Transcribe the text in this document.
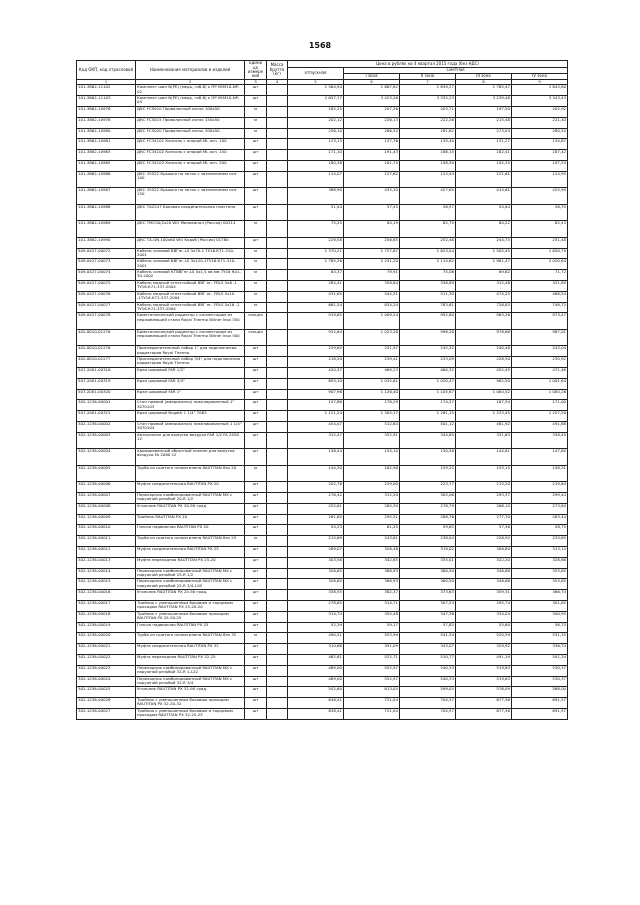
1568
Код ОКП, код отраслевой	Наименование материалов и изделий	Едини ца измере ния	Масса брутто (кг)	Цена в рублях на 4 квартал 2015 года (без НДС)				
				отпускная	Сметная			
					I зона	II зона	III зона	IV зона
1	2	3	4	5	6	7	8	9
101-3862-11102	Комплект шин N(PE) (медь, габ.8) к ПР УКМ10-NP-02	шт		1 564,94	1 667,82	1 839,27	1 765,47	1 843,80
101-3862-11103	Комплект шин N(PE) (медь, габ.8) к ПР УКМ10-NP-04	шт		2 657,77	3 423,26	3 335,23	3 239,48	3 343,43
101-3862-10976	ДКС FC5010 Проволочный лоток 100х50	м		185,25	207,26	203,71	197,50	202,92
101-3862-10978	ДКС FC5015 Проволочный лоток 150х50	м		202,12	226,13	222,26	215,48	221,40
101-3862-10980	ДКС FC5020 Проволочный лоток 200х50	м		256,10	286,52	281,62	273,03	280,52
101-3862-10981	ДКС FC34101 Консоль с опорой ML осн. 100	шт		123,13	137,76	135,40	131,27	134,87
101-3862-10983	ДКС FC34102 Консоль с опорой ML осн. 150	шт		171,10	191,43	188,15	182,41	187,42
101-3862-10985	ДКС FC34103 Консоль с опорой ML осн. 200	шт		180,38	201,75	198,30	192,25	197,53
101-3862-10986	ДКС 35522 Крышка на лоток с заземлением осн. 100	шт		114,07	127,62	125,44	121,61	124,95
101-3862-10987	ДКС 35522 Крышка на лоток с заземлением осн. 150	шт		388,90	435,10	427,65	414,61	425,99
101-3862-10988	ДКС ТА2247 Боковая соединительная пластина	шт		51,44	57,55	56,57	54,84	56,35
101-3862-10989	ДКС ТМС50/2х20 WO Миниканал (Россия) 00314	м		75,25	84,19	82,75	80,22	82,43
101-3862-10990	ДКС ТА-GN 100х60 WO Короб (Россия) 01780	шт		229,58	256,85	252,46	244,75	251,48
509-0427-00072	Кабель силовой ВВГнг-LS 3х70-1 ТУ16.К71-310-2001	м		1 370,21	1 727,87	1 623,04	1 505,45	1 650,79
509-0427-00073	Кабель силовой ВВГнг-LS 3х120-1ТУ16.К71-310-2001	м		1 785,26	2 251,20	2 114,62	1 961,47	2 020,64
509-0427-00074	Кабель силовой КГВВГнг-LS 5х1,5 яв.мм ТУ16 К01-30-2002	м		63,37	79,91	75,06	69,62	71,72
509-0427-00075	Кабель медный огнестойкий ВВГ нг- FRLS 5х6 -1 ТУ16.К71-337-2004	м		284,41	358,64	336,89	312,48	321,89
509-0427-00076	Кабель медный огнестойкий ВВГ нг- FRLS 5х10 -1ТУ16.К71-337-2004	м		431,65	544,31	511,30	474,25	488,54
509-0427-00077	Кабель медный огнестойкий ВВГ нг- FRLS 5х16 -1 ТУ16.К71-337-2004	м		661,54	834,20	783,61	726,83	748,72
509-0427-00078	Биметаллический радиатор с коллектором из нержавеющей стали Royal Thermo Biliner Inox 350	секция		919,65	1 009,24	992,60	963,26	973,47
402-8010-01276	Биметаллический радиатор с коллектором из нержавеющей стали Royal Thermo Biliner Inox 500	секция		932,64	1 023,28	996,28	978,66	987,01
402-8010-01276	Присоединительный набор 1" для подключения радиаторов Royal Thermo	шт		229,65	251,97	245,32	240,48	243,04
402-8010-01277	Присоединительный набор 3/4" для подключения радиаторов Royal Thermo	шт		218,20	239,41	233,09	228,50	230,92
507-2001-00316	Кран шаровый FAR 1/2"	шт		420,37	469,23	460,32	452,45	471,46
507-2001-00319	Кран шаровый FAR 3/4"	шт		893,10	1 032,61	1 020,47	962,50	1 001,64
507-2001-00320	Кран шаровый FAR 1"	шт		907,96	1 126,40	1 105,87	1 064,52	1 085,26
302-1236-00001	Стон прямой (американка) никелированный 1" 3070103	шт		157,86	178,29	174,27	167,54	171,00
507-2001-00321	Кран шаровый Bugatti 1 1/4" 7063	шт		1 121,24	1 305,17	1 281,15	1 233,45	1 257,50
302-1236-00002	Стон прямой (американка) никелированный 1 1/4" 3070104	шт		454,07	512,84	501,12	481,92	491,88
302-1236-00003	Автоклапан для выпуска воздуха FAR 1/2 FA 2050 12	шт		312,47	352,91	344,85	331,63	338,49
302-1236-00004	Хромированный обратный клапан для выпуска воздуха FA 2080 12	шт		136,44	154,10	150,58	144,81	147,80
302-1236-00005	Труба из сшитого полиэтилена RAUTITAN flex 20	м		144,30	162,98	159,25	153,15	156,31
302-1236-00006	Муфта соединительная RAUTITAN PX 20	шт		202,76	229,00	223,77	215,20	219,64
302-1236-00007	Переходник комбинированный RAUTITAN МХ с наружной резьбой 20-R 1/2	шт		276,42	312,20	305,06	293,37	299,44
302-1236-00008	Угольник RAUTITAN PX 20-90 град.	шт		252,61	285,30	278,79	268,10	273,64
302-1236-00009	Тройник RAUTITAN PX 20	шт		261,65	295,51	288,76	277,70	283,44
302-1236-00010	Гильза надвижная RAUTITAN PX 20	шт		54,23	61,25	59,85	57,56	58,75
302-1236-00011	Труба из сшитого полиэтилена RAUTITAN flex 25	м		215,69	243,61	238,04	228,92	233,65
302-1236-00012	Муфта соединительная RAUTITAN PX 25	шт		289,07	326,48	319,02	306,80	313,14
302-1236-00013	Муфта переходная RAUTITAN PX 25-20	шт		303,56	342,85	335,01	322,20	328,86
302-1236-00014	Переходник комбинированный RAUTITAN МХ с наружной резьбой 25-R 1/2	шт		326,65	368,93	360,50	346,68	353,85
302-1236-00015	Переходник комбинированный RAUTITAN МХ с наружной резьбой 25-R 3/4-L18	шт		326,65	368,93	360,50	346,68	353,85
302-1236-00016	Угольник RAUTITAN PX 25-90 град.	шт		338,55	382,37	373,63	359,31	366,74
302-1236-00017	Тройник с уменьшенным боковым и торцевым проходом RAUTITAN PX 25-20-20	шт		278,65	314,71	307,53	295,74	301,85
302-1236-00018	Тройник с уменьшенным боковым проходом RAUTITAN PX 25-20-25	шт		314,74	355,48	347,36	334,04	340,95
302-1236-00019	Гильза надвижная RAUTITAN PX 25	шт		52,39	59,17	57,82	55,60	56,75
302-1236-00020	Труба из сшитого полиэтилена RAUTITAN flex 32	м		490,51	553,99	541,34	520,59	531,35
302-1236-00021	Муфта соединительная RAUTITAN PX 32	шт		310,66	351,09	343,07	329,92	336,74
302-1236-00022	Муфта переходная RAUTITAN PX 32-25	шт		462,61	522,71	510,77	491,19	501,34
302-1236-00023	Переходник комбинированный RAUTITAN МХ с наружной резьбой 32-R 1-L22	шт		489,00	552,97	540,33	519,63	530,37
302-1236-00024	Переходник комбинированный RAUTITAN МХ с наружной резьбой 32-R 3/4	шт		489,00	552,97	540,33	519,63	530,37
302-1236-00025	Угольник RAUTITAN PX 32-90 град.	шт		542,60	613,05	599,05	576,09	588,00
302-1236-00026	Тройник с уменьшенным боковым проходом RAUTITAN PX 32-20-32	шт		638,41	721,04	704,57	677,56	691,57
302-1236-00027	Тройник с уменьшенным боковым и торцевым проходом RAUTITAN PX 32-25-25	шт		638,41	721,04	704,57	677,56	691,57
